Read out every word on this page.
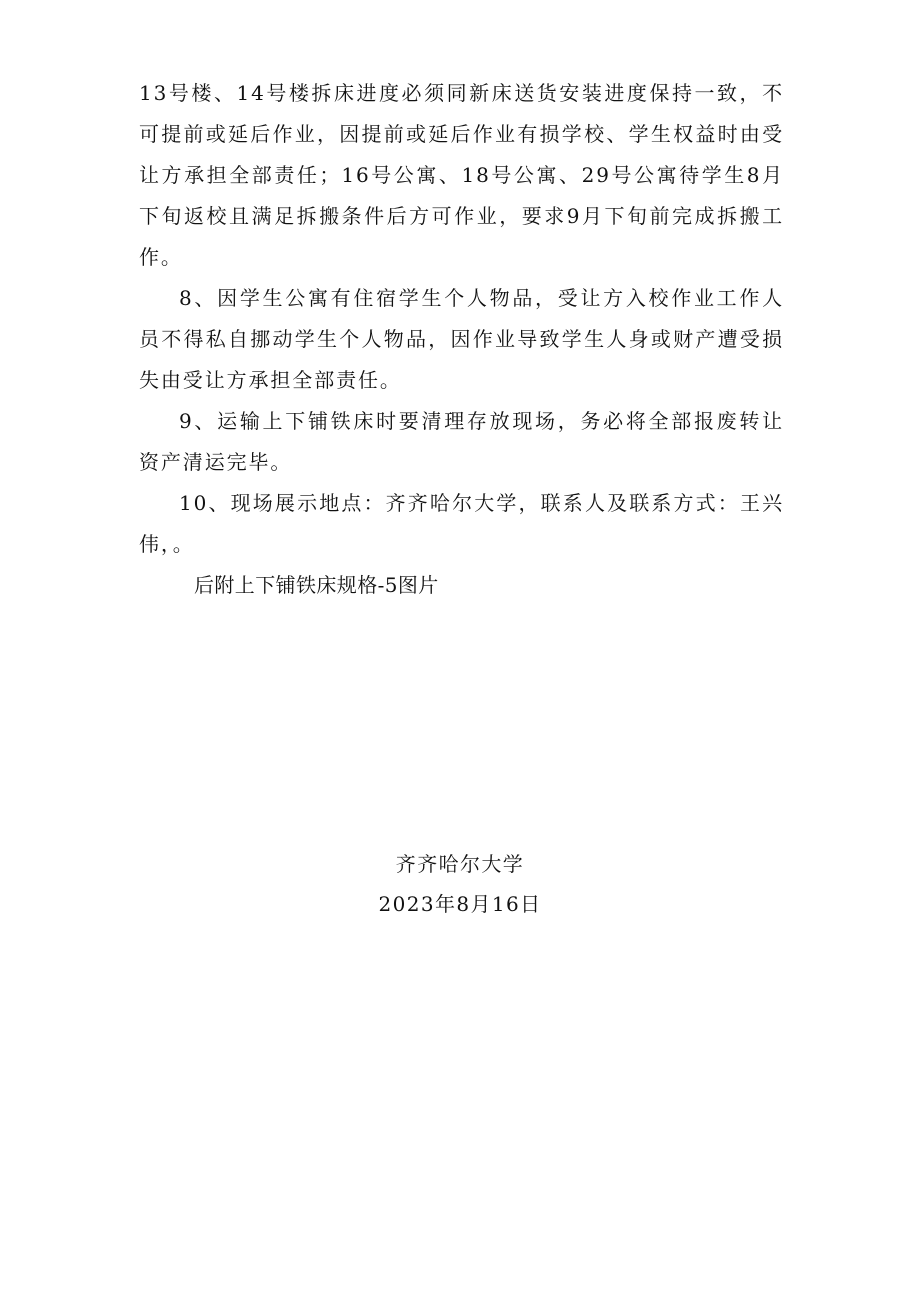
13号楼、14号楼拆床进度必须同新床送货安装进度保持一致，不可提前或延后作业，因提前或延后作业有损学校、学生权益时由受让方承担全部责任；16号公寓、18号公寓、29号公寓待学生8月下旬返校且满足拆搬条件后方可作业，要求9月下旬前完成拆搬工作。

8、因学生公寓有住宿学生个人物品，受让方入校作业工作人员不得私自挪动学生个人物品，因作业导致学生人身或财产遭受损失由受让方承担全部责任。

9、运输上下铺铁床时要清理存放现场，务必将全部报废转让资产清运完毕。

10、现场展示地点：齐齐哈尔大学，联系人及联系方式：王兴伟，。

后附上下铺铁床规格-5图片

齐齐哈尔大学
2023年8月16日
